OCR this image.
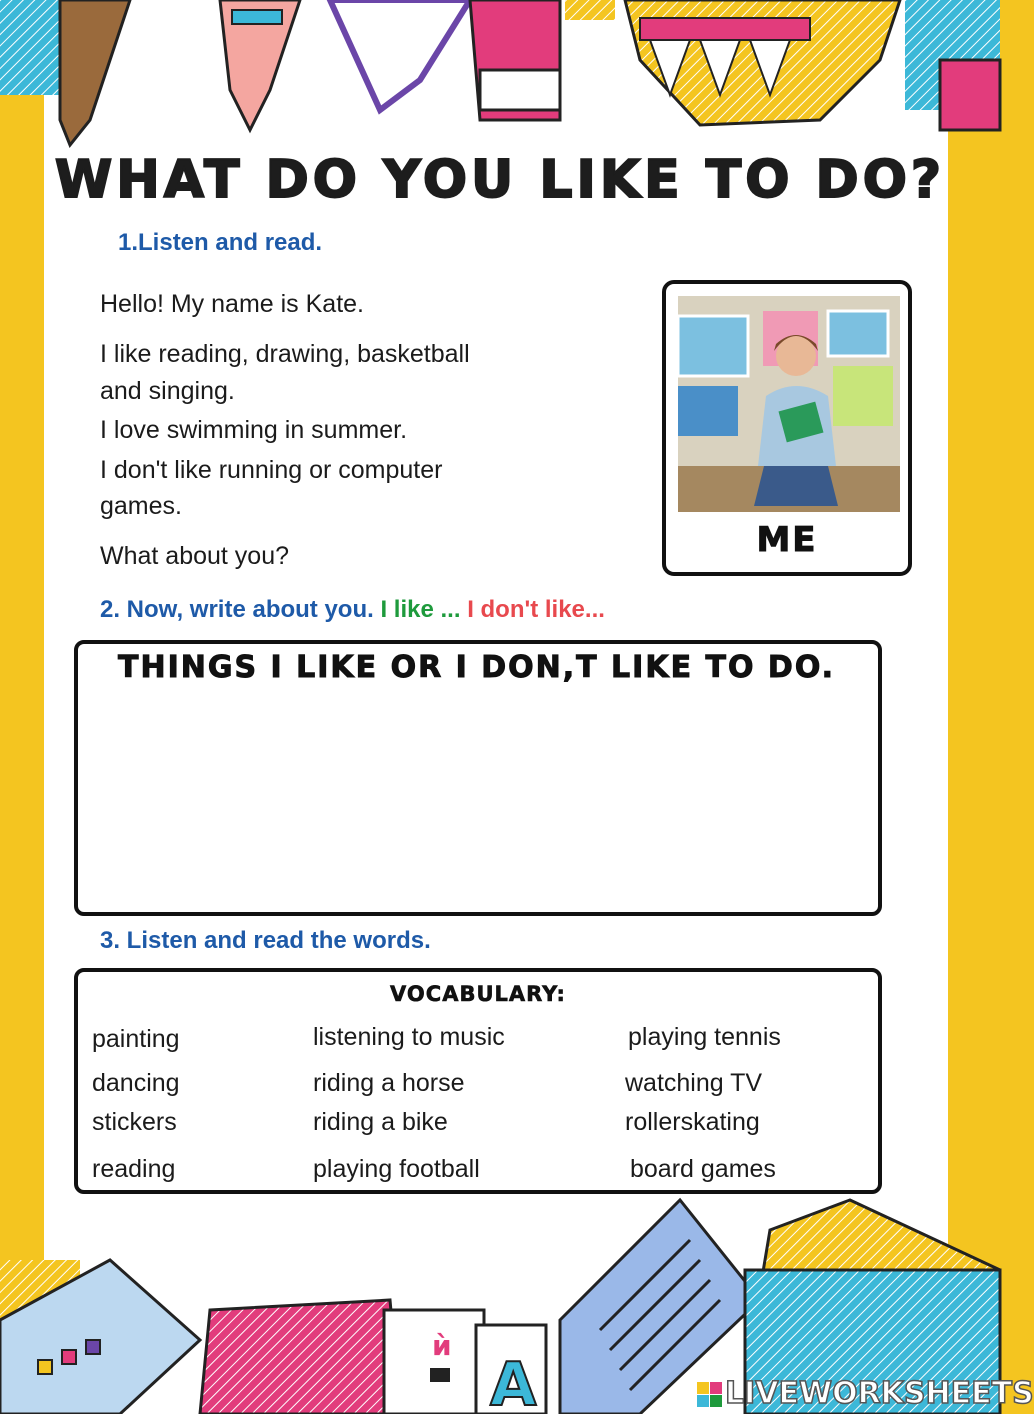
WHAT DO YOU LIKE TO DO?
1.Listen and read.
Hello! My name is Kate.
I like reading, drawing, basketball
and singing.
I love swimming in summer.
I don't like running or computer
games.
What about you?	ME
2. Now, write about you. I like ... I don't like...
THINGS I LIKE OR I DON,T LIKE TO DO.
3. Listen and read the words.
VOCABULARY:
painting
dancing
stickers
reading
listening to music
riding a horse
riding a bike
playing football
playing tennis
watching TV
rollerskating
board games
ѝ
A	LIVEWORKSHEETS
